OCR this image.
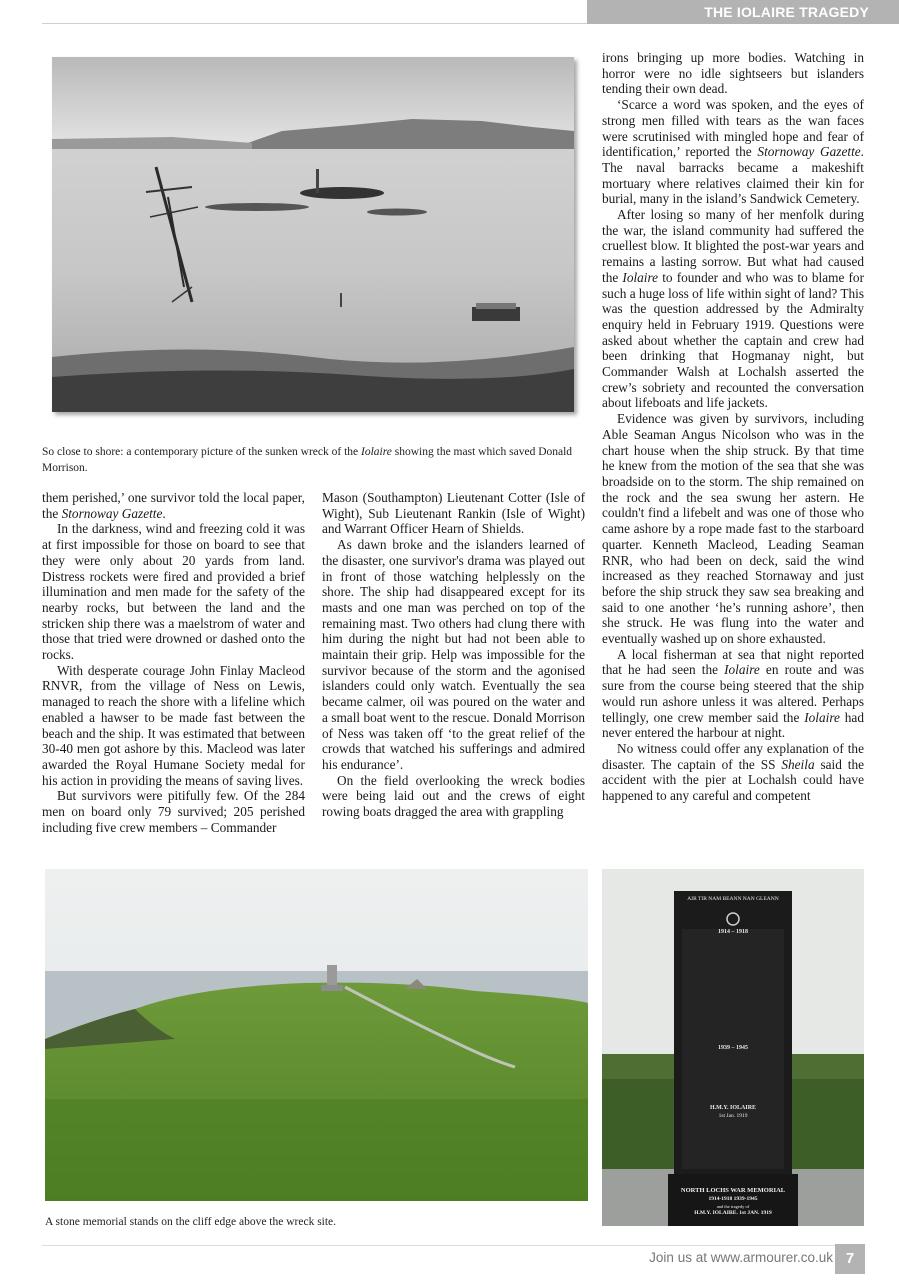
THE IOLAIRE TRAGEDY
So close to shore: a contemporary picture of the sunken wreck of the Iolaire showing the mast which saved Donald Morrison.

them perished,’ one survivor told the local paper, the Stornoway Gazette.

In the darkness, wind and freezing cold it was at first impossible for those on board to see that they were only about 20 yards from land. Distress rockets were fired and provided a brief illumination and men made for the safety of the nearby rocks, but between the land and the stricken ship there was a maelstrom of water and those that tried were drowned or dashed onto the rocks.

With desperate courage John Finlay Macleod RNVR, from the village of Ness on Lewis, managed to reach the shore with a lifeline which enabled a hawser to be made fast between the beach and the ship. It was estimated that between 30-40 men got ashore by this. Macleod was later awarded the Royal Humane Society medal for his action in providing the means of saving lives.

But survivors were pitifully few. Of the 284 men on board only 79 survived; 205 perished including five crew members – Commander

Mason (Southampton) Lieutenant Cotter (Isle of Wight), Sub Lieutenant Rankin (Isle of Wight) and Warrant Officer Hearn of Shields.

As dawn broke and the islanders learned of the disaster, one survivor's drama was played out in front of those watching helplessly on the shore. The ship had disappeared except for its masts and one man was perched on top of the remaining mast. Two others had clung there with him during the night but had not been able to maintain their grip. Help was impossible for the survivor because of the storm and the agonised islanders could only watch. Eventually the sea became calmer, oil was poured on the water and a small boat went to the rescue. Donald Morrison of Ness was taken off ‘to the great relief of the crowds that watched his sufferings and admired his endurance’.

On the field overlooking the wreck bodies were being laid out and the crews of eight rowing boats dragged the area with grappling

irons bringing up more bodies. Watching in horror were no idle sightseers but islanders tending their own dead.

‘Scarce a word was spoken, and the eyes of strong men filled with tears as the wan faces were scrutinised with mingled hope and fear of identification,’ reported the Stornoway Gazette. The naval barracks became a makeshift mortuary where relatives claimed their kin for burial, many in the island’s Sandwick Cemetery.

After losing so many of her menfolk during the war, the island community had suffered the cruellest blow. It blighted the post-war years and remains a lasting sorrow. But what had caused the Iolaire to founder and who was to blame for such a huge loss of life within sight of land? This was the question addressed by the Admiralty enquiry held in February 1919. Questions were asked about whether the captain and crew had been drinking that Hogmanay night, but Commander Walsh at Lochalsh asserted the crew’s sobriety and recounted the conversation about lifeboats and life jackets.

Evidence was given by survivors, including Able Seaman Angus Nicolson who was in the chart house when the ship struck. By that time he knew from the motion of the sea that she was broadside on to the storm. The ship remained on the rock and the sea swung her astern. He couldn't find a lifebelt and was one of those who came ashore by a rope made fast to the starboard quarter. Kenneth Macleod, Leading Seaman RNR, who had been on deck, said the wind increased as they reached Stornaway and just before the ship struck they saw sea breaking and said to one another ‘he’s running ashore’, then she struck. He was flung into the water and eventually washed up on shore exhausted.

A local fisherman at sea that night reported that he had seen the Iolaire en route and was sure from the course being steered that the ship would run ashore unless it was altered. Perhaps tellingly, one crew member said the Iolaire had never entered the harbour at night.

No witness could offer any explanation of the disaster. The captain of the SS Sheila said the accident with the pier at Lochalsh could have happened to any careful and competent

A stone memorial stands on the cliff edge above the wreck site.
AIR TIR NAM BEANN NAN GLEANN
1914 – 1918
1939 – 1945
H.M.Y. IOLAIRE
1st Jan. 1919
NORTH LOCHS WAR MEMORIAL
1914-1918 1939-1945
and the tragedy of
H.M.Y. IOLAIRE. 1st JAN. 1919
Join us at www.armourer.co.uk 7
